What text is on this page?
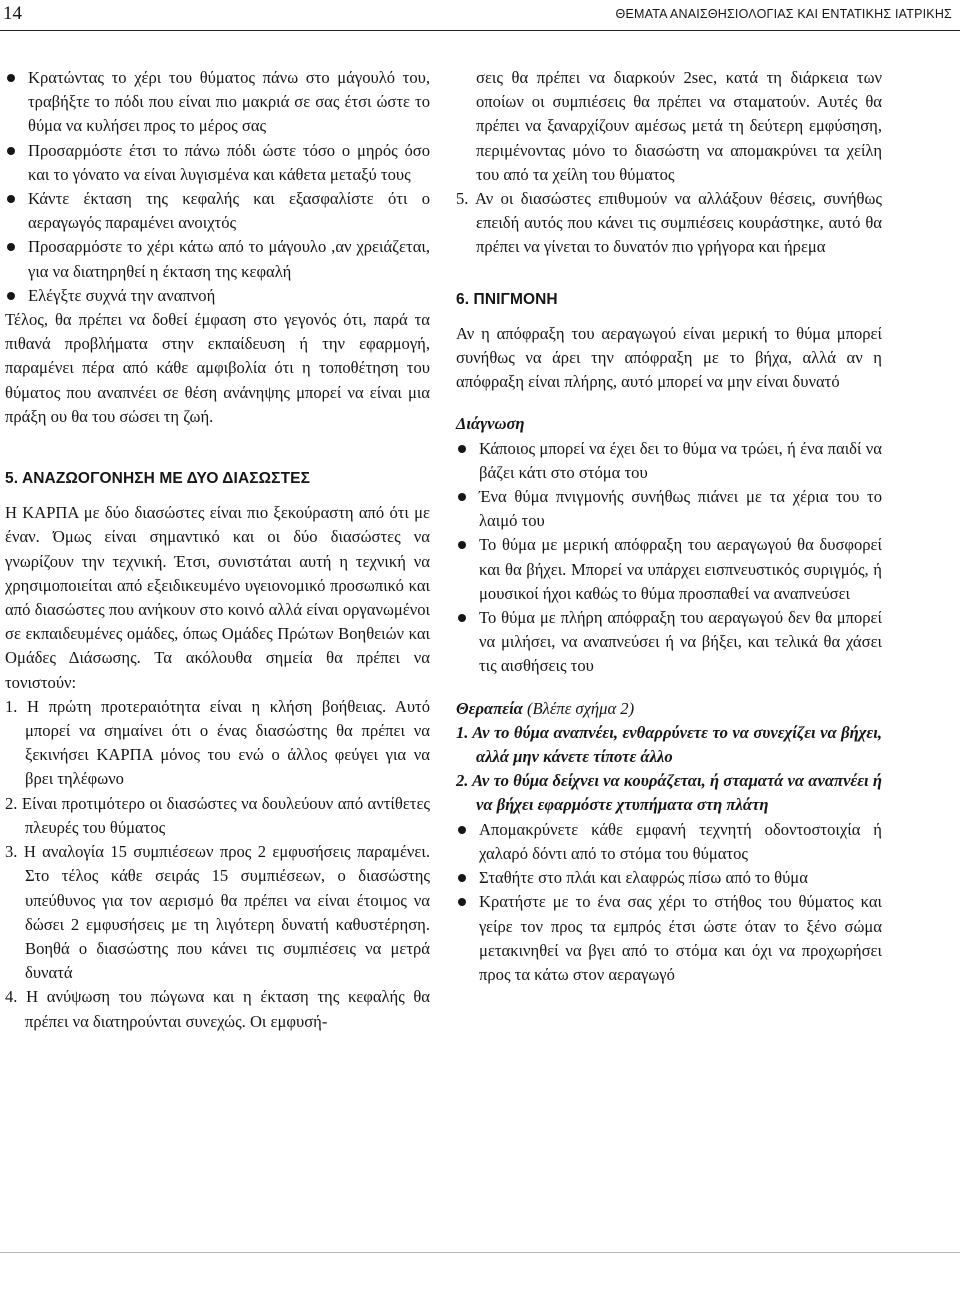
14	ΘΕΜΑΤΑ ΑΝΑΙΣΘΗΣΙΟΛΟΓΙΑΣ ΚΑΙ ΕΝΤΑΤΙΚΗΣ ΙΑΤΡΙΚΗΣ
Κρατώντας το χέρι του θύματος πάνω στο μάγουλό του, τραβήξτε το πόδι που είναι πιο μακριά σε σας έτσι ώστε το θύμα να κυλήσει προς το μέρος σας
Προσαρμόστε έτσι το πάνω πόδι ώστε τόσο ο μηρός όσο και το γόνατο να είναι λυγισμένα και κάθετα μεταξύ τους
Κάντε έκταση της κεφαλής και εξασφαλίστε ότι ο αεραγωγός παραμένει ανοιχτός
Προσαρμόστε το χέρι κάτω από το μάγουλο ,αν χρειάζεται, για να διατηρηθεί η έκταση της κεφαλή
Ελέγξτε συχνά την αναπνοή

Τέλος, θα πρέπει να δοθεί έμφαση στο γεγονός ότι, παρά τα πιθανά προβλήματα στην εκπαίδευση ή την εφαρμογή, παραμένει πέρα από κάθε αμφιβολία ότι η τοποθέτηση του θύματος που αναπνέει σε θέση ανάνηψης μπορεί να είναι μια πράξη ου θα του σώσει τη ζωή.

5. ΑΝΑΖΩΟΓΟΝΗΣΗ ΜΕ ΔΥΟ ΔΙΑΣΩΣΤΕΣ

Η ΚΑΡΠΑ με δύο διασώστες είναι πιο ξεκούραστη από ότι με έναν. Όμως είναι σημαντικό και οι δύο διασώστες να γνωρίζουν την τεχνική. Έτσι, συνιστάται αυτή η τεχνική να χρησιμοποιείται από εξειδικευμένο υγειονομικό προσωπικό και από διασώστες που ανήκουν στο κοινό αλλά είναι οργανωμένοι σε εκπαιδευμένες ομάδες, όπως Ομάδες Πρώτων Βοηθειών και Ομάδες Διάσωσης. Τα ακόλουθα σημεία θα πρέπει να τονιστούν:

1. Η πρώτη προτεραιότητα είναι η κλήση βοήθειας. Αυτό μπορεί να σημαίνει ότι ο ένας διασώστης θα πρέπει να ξεκινήσει ΚΑΡΠΑ μόνος του ενώ ο άλλος φεύγει για να βρει τηλέφωνο
2. Είναι προτιμότερο οι διασώστες να δουλεύουν από αντίθετες πλευρές του θύματος
3. Η αναλογία 15 συμπιέσεων προς 2 εμφυσήσεις παραμένει. Στο τέλος κάθε σειράς 15 συμπιέσεων, ο διασώστης υπεύθυνος για τον αερισμό θα πρέπει να είναι έτοιμος να δώσει 2 εμφυσήσεις με τη λιγότερη δυνατή καθυστέρηση. Βοηθά ο διασώστης που κάνει τις συμπιέσεις να μετρά δυνατά
4. Η ανύψωση του πώγωνα και η έκταση της κεφαλής θα πρέπει να διατηρούνται συνεχώς. Οι εμφυσή-

σεις θα πρέπει να διαρκούν 2sec, κατά τη διάρκεια των οποίων οι συμπιέσεις θα πρέπει να σταματούν. Αυτές θα πρέπει να ξαναρχίζουν αμέσως μετά τη δεύτερη εμφύσηση, περιμένοντας μόνο το διασώστη να απομακρύνει τα χείλη του από τα χείλη του θύματος

5. Αν οι διασώστες επιθυμούν να αλλάξουν θέσεις, συνήθως επειδή αυτός που κάνει τις συμπιέσεις κουράστηκε, αυτό θα πρέπει να γίνεται το δυνατόν πιο γρήγορα και ήρεμα
6. ΠΝΙΓΜΟΝΗ

Αν η απόφραξη του αεραγωγού είναι μερική το θύμα μπορεί συνήθως να άρει την απόφραξη με το βήχα, αλλά αν η απόφραξη είναι πλήρης, αυτό μπορεί να μην είναι δυνατό

Διάγνωση
Κάποιος μπορεί να έχει δει το θύμα να τρώει, ή ένα παιδί να βάζει κάτι στο στόμα του
Ένα θύμα πνιγμονής συνήθως πιάνει με τα χέρια του το λαιμό του
Το θύμα με μερική απόφραξη του αεραγωγού θα δυσφορεί και θα βήχει. Μπορεί να υπάρχει εισπνευστικός συριγμός, ή μουσικοί ήχοι καθώς το θύμα προσπαθεί να αναπνεύσει
Το θύμα με πλήρη απόφραξη του αεραγωγού δεν θα μπορεί να μιλήσει, να αναπνεύσει ή να βήξει, και τελικά θα χάσει τις αισθήσεις του
Θεραπεία (Βλέπε σχήμα 2)
1. Αν το θύμα αναπνέει, ενθαρρύνετε το να συνεχίζει να βήχει, αλλά μην κάνετε τίποτε άλλο
2. Αν το θύμα δείχνει να κουράζεται, ή σταματά να αναπνέει ή να βήχει εφαρμόστε χτυπήματα στη πλάτη
Απομακρύνετε κάθε εμφανή τεχνητή οδοντοστοιχία ή χαλαρό δόντι από το στόμα του θύματος
Σταθήτε στο πλάι και ελαφρώς πίσω από το θύμα
Κρατήστε με το ένα σας χέρι το στήθος του θύματος και γείρε τον προς τα εμπρός έτσι ώστε όταν το ξένο σώμα μετακινηθεί να βγει από το στόμα και όχι να προχωρήσει προς τα κάτω στον αεραγωγό
